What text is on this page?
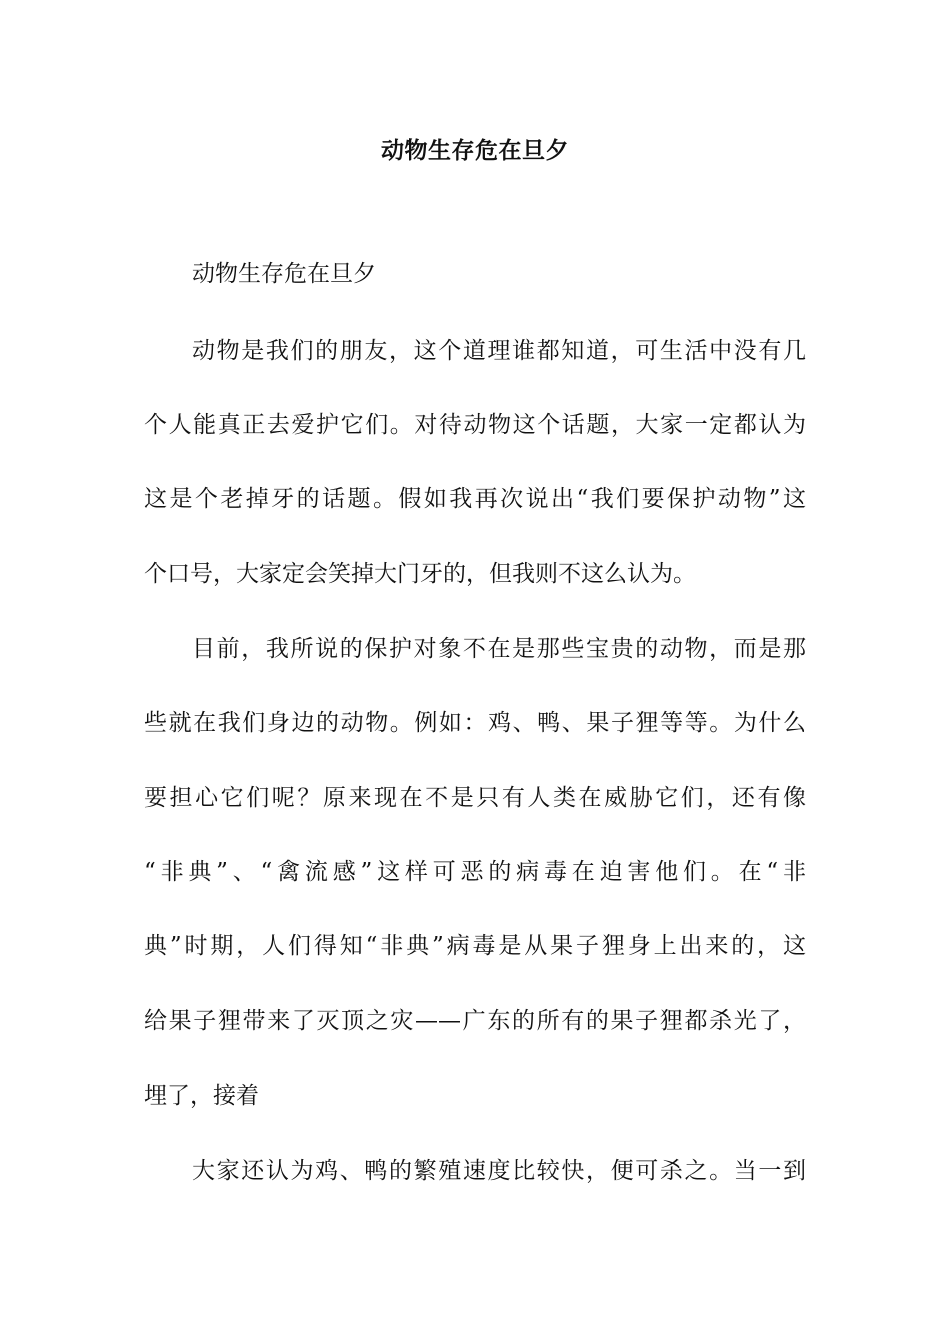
动物生存危在旦夕
动物生存危在旦夕
动物是我们的朋友，这个道理谁都知道，可生活中没有几
个人能真正去爱护它们。对待动物这个话题，大家一定都认为
这是个老掉牙的话题。假如我再次说出“我们要保护动物”这
个口号，大家定会笑掉大门牙的，但我则不这么认为。
目前，我所说的保护对象不在是那些宝贵的动物，而是那
些就在我们身边的动物。例如：鸡、鸭、果子狸等等。为什么
要担心它们呢？原来现在不是只有人类在威胁它们，还有像
“非典”、“禽流感”这样可恶的病毒在迫害他们。在“非
典”时期，人们得知“非典”病毒是从果子狸身上出来的，这
给果子狸带来了灭顶之灾——广东的所有的果子狸都杀光了，
埋了，接着
大家还认为鸡、鸭的繁殖速度比较快，便可杀之。当一到
